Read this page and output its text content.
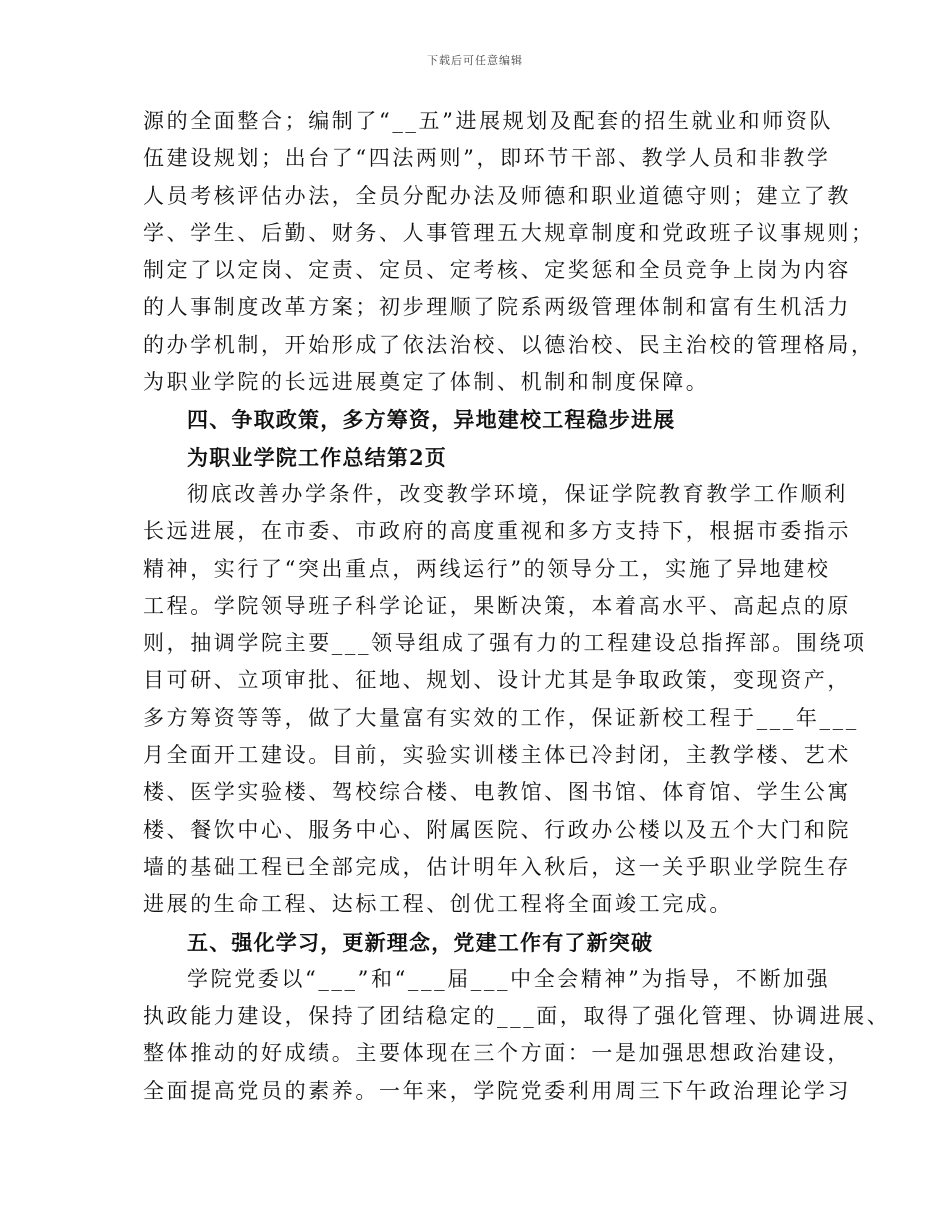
下载后可任意编辑
源的全面整合；编制了“__五”进展规划及配套的招生就业和师资队
伍建设规划；出台了“四法两则”，即环节干部、教学人员和非教学
人员考核评估办法，全员分配办法及师德和职业道德守则；建立了教
学、学生、后勤、财务、人事管理五大规章制度和党政班子议事规则；
制定了以定岗、定责、定员、定考核、定奖惩和全员竞争上岗为内容
的人事制度改革方案；初步理顺了院系两级管理体制和富有生机活力
的办学机制，开始形成了依法治校、以德治校、民主治校的管理格局，
为职业学院的长远进展奠定了体制、机制和制度保障。
四、争取政策，多方筹资，异地建校工程稳步进展
为职业学院工作总结第2页
彻底改善办学条件，改变教学环境，保证学院教育教学工作顺利
长远进展，在市委、市政府的高度重视和多方支持下，根据市委指示
精神，实行了“突出重点，两线运行”的领导分工，实施了异地建校
工程。学院领导班子科学论证，果断决策，本着高水平、高起点的原
则，抽调学院主要___领导组成了强有力的工程建设总指挥部。围绕项
目可研、立项审批、征地、规划、设计尤其是争取政策，变现资产，
多方筹资等等，做了大量富有实效的工作，保证新校工程于___年___
月全面开工建设。目前，实验实训楼主体已冷封闭，主教学楼、艺术
楼、医学实验楼、驾校综合楼、电教馆、图书馆、体育馆、学生公寓
楼、餐饮中心、服务中心、附属医院、行政办公楼以及五个大门和院
墙的基础工程已全部完成，估计明年入秋后，这一关乎职业学院生存
进展的生命工程、达标工程、创优工程将全面竣工完成。
五、强化学习，更新理念，党建工作有了新突破
学院党委以“___”和“___届___中全会精神”为指导，不断加强
执政能力建设，保持了团结稳定的___面，取得了强化管理、协调进展、
整体推动的好成绩。主要体现在三个方面：一是加强思想政治建设，
全面提高党员的素养。一年来，学院党委利用周三下午政治理论学习
